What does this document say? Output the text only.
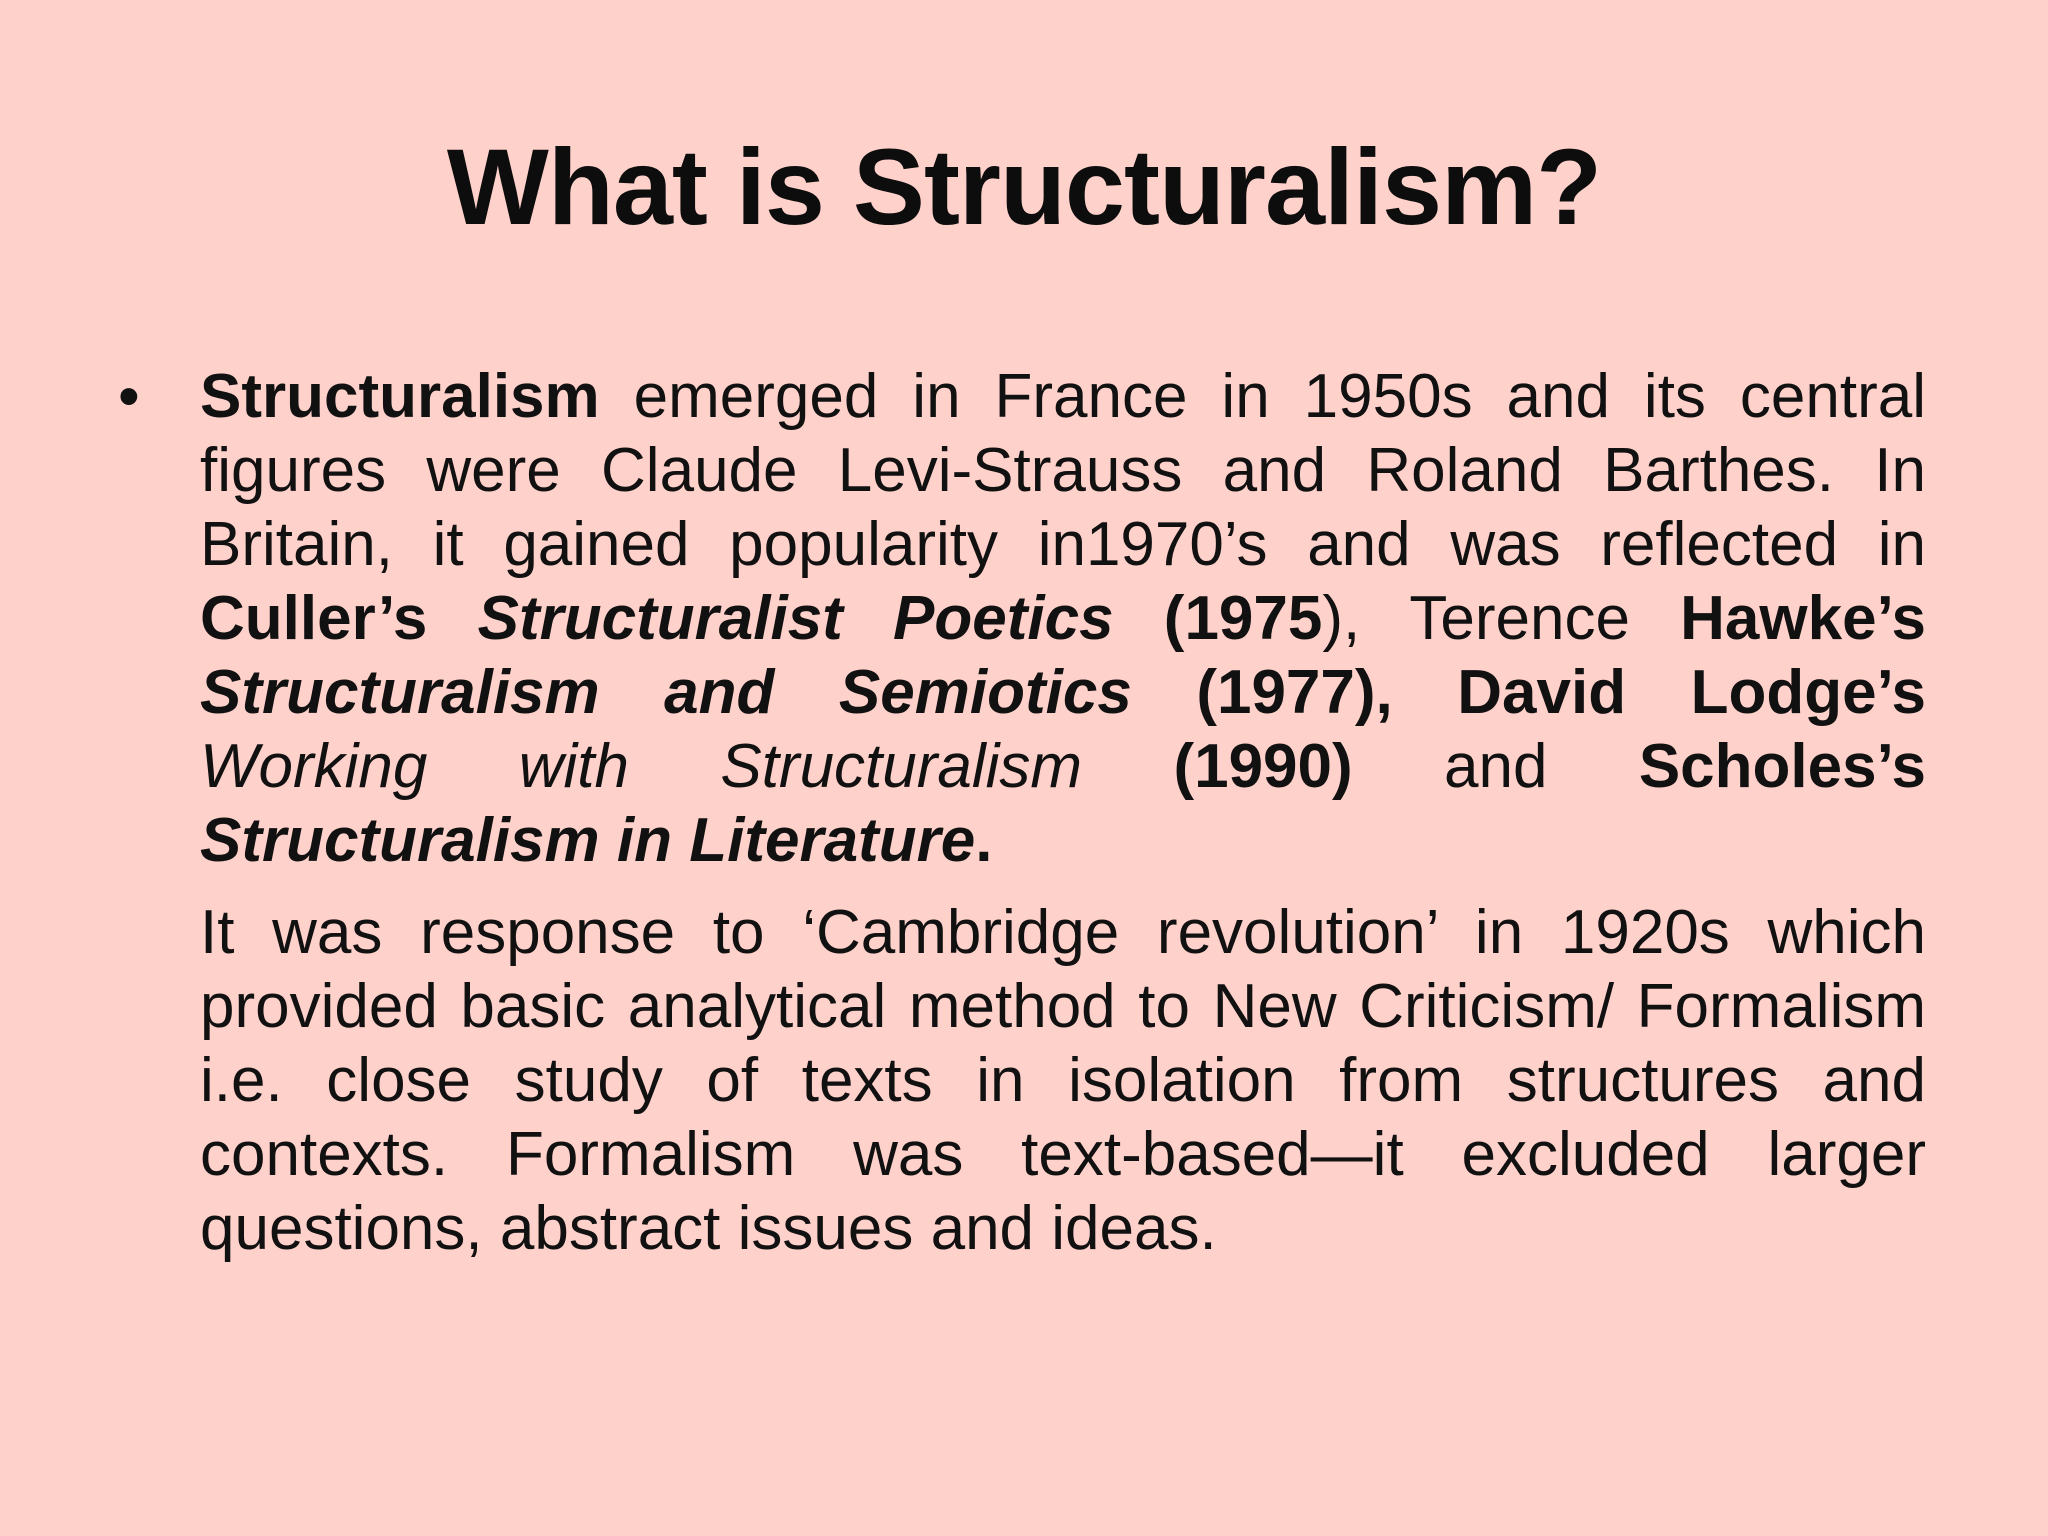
What is Structuralism?
• Structuralism emerged in France in 1950s and its central figures were Claude Levi-Strauss and Roland Barthes. In Britain, it gained popularity in1970’s and was reflected in Culler’s Structuralist Poetics (1975), Terence Hawke’s Structuralism and Semiotics (1977), David Lodge’s Working with Structuralism (1990) and Scholes’s Structuralism in Literature.

It was response to ‘Cambridge revolution’ in 1920s which provided basic analytical method to New Criticism/ Formalism i.e. close study of texts in isolation from structures and contexts. Formalism was text-based—it excluded larger questions, abstract issues and ideas.
